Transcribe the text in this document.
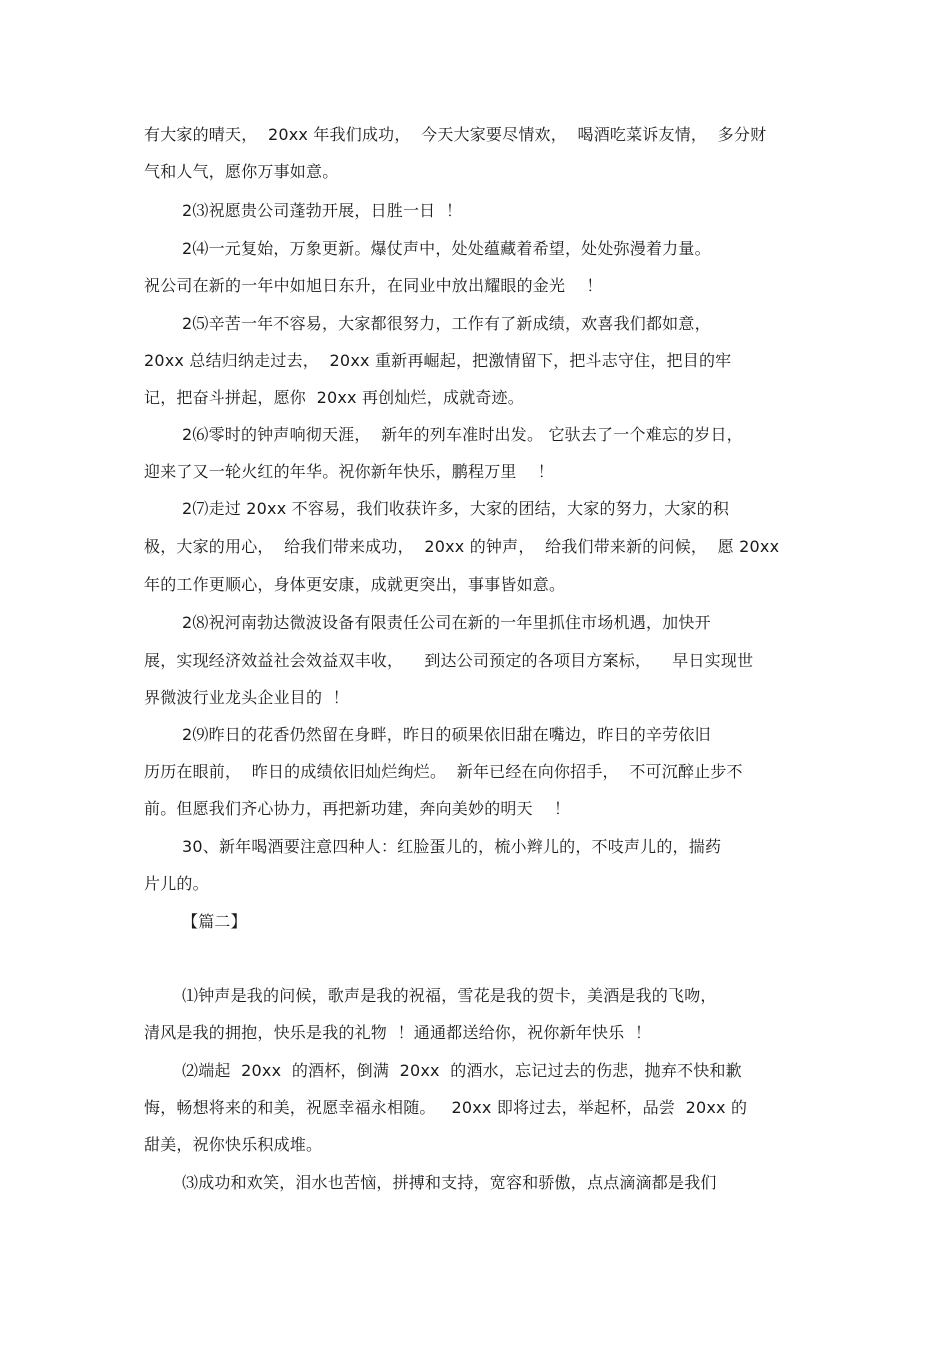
有大家的晴天，  20xx 年我们成功，  今天大家要尽情欢，  喝酒吃菜诉友情，  多分财
气和人气，愿你万事如意。
2⑶祝愿贵公司蓬勃开展，日胜一日  ！
2⑷一元复始，万象更新。爆仗声中，处处蕴藏着希望，处处弥漫着力量。
祝公司在新的一年中如旭日东升，在同业中放出耀眼的金光    ！
2⑸辛苦一年不容易，大家都很努力，工作有了新成绩，欢喜我们都如意，
20xx 总结归纳走过去，  20xx 重新再崛起，把激情留下，把斗志守住，把目的牢
记，把奋斗拼起，愿你  20xx 再创灿烂，成就奇迹。
2⑹零时的钟声响彻天涯，  新年的列车准时出发。 它驮去了一个难忘的岁日，
迎来了又一轮火红的年华。祝你新年快乐，鹏程万里    ！
2⑺走过 20xx 不容易，我们收获许多，大家的团结，大家的努力，大家的积
极，大家的用心，  给我们带来成功，  20xx 的钟声，  给我们带来新的问候，  愿 20xx
年的工作更顺心，身体更安康，成就更突出，事事皆如意。
2⑻祝河南勃达微波设备有限责任公司在新的一年里抓住市场机遇，加快开
展，实现经济效益社会效益双丰收，    到达公司预定的各项目方案标，    早日实现世
界微波行业龙头企业目的  ！
2⑼昨日的花香仍然留在身畔，昨日的硕果依旧甜在嘴边，昨日的辛劳依旧
历历在眼前，  昨日的成绩依旧灿烂绚烂。  新年已经在向你招手，  不可沉醉止步不
前。但愿我们齐心协力，再把新功建，奔向美妙的明天    ！
30、新年喝酒要注意四种人：红脸蛋儿的，梳小辫儿的，不吱声儿的，揣药
片儿的。
【篇二】
⑴钟声是我的问候，歌声是我的祝福，雪花是我的贺卡，美酒是我的飞吻，
清风是我的拥抱，快乐是我的礼物  ！通通都送给你，祝你新年快乐  ！
⑵端起  20xx  的酒杯，倒满  20xx  的酒水，忘记过去的伤悲，抛弃不快和歉
悔，畅想将来的和美，祝愿幸福永相随。   20xx 即将过去，举起杯，品尝  20xx 的
甜美，祝你快乐积成堆。
⑶成功和欢笑，泪水也苦恼，拼搏和支持，宽容和骄傲，点点滴滴都是我们
